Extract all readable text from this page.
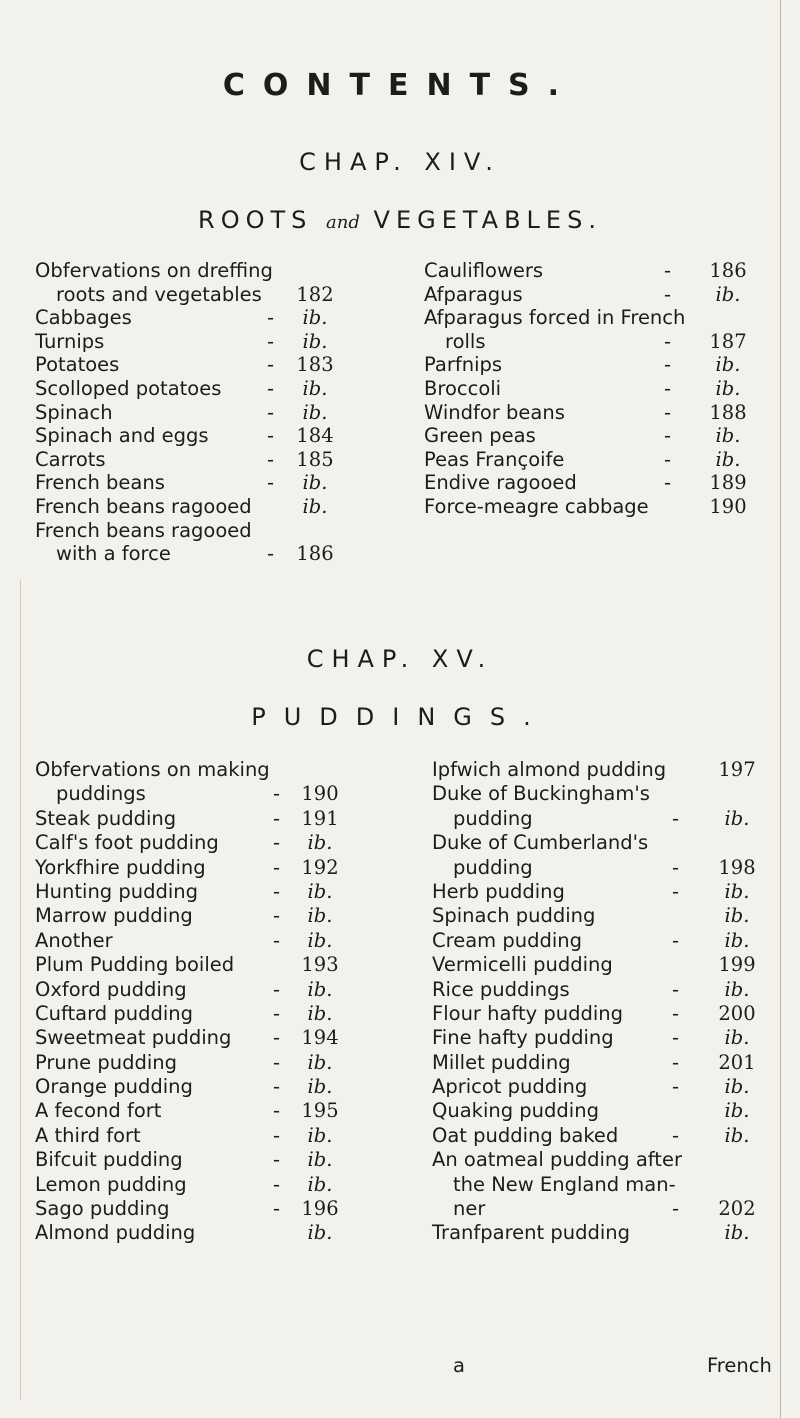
CONTENTS.
CHAP. XIV.
ROOTS and VEGETABLES.
Obfervations on dreffing
roots and vegetables 182
Cabbages	-	ib.
Turnips	-	ib.
Potatoes	- 183
Scolloped potatoes -	ib.
Spinach	-	ib.
Spinach and eggs	- 184
Carrots	- 185
French beans	-	ib.
French beans ragooed	ib.
French beans ragooed
with a force	- 186
Cauliflowers	- 186
Afparagus	-	ib.
Afparagus forced in French
rolls	- 187
Parfnips	-	ib.
Broccoli	-	ib.
Windfor beans	- 188
Green peas	-	ib.
Peas Françoife	-	ib.
Endive ragooed	- 189
Force-meagre cabbage	190
CHAP. XV.
PUDDINGS.
Obfervations on making
puddings	- 190
Steak pudding	- 191
Calf's foot pudding	-	ib.
Yorkfhire pudding	- 192
Hunting pudding	-	ib.
Marrow pudding	-	ib.
Another	-	ib.
Plum Pudding boiled	193
Oxford pudding	-	ib.
Cuftard pudding	-	ib.
Sweetmeat pudding - 194
Prune pudding	-	ib.
Orange pudding	-	ib.
A fecond fort	- 195
A third fort	-	ib.
Bifcuit pudding	-	ib.
Lemon pudding	-	ib.
Sago pudding	- 196
Almond pudding	ib.
Ipfwich almond pudding	197
Duke of Buckingham's
pudding	-	ib.
Duke of Cumberland's
pudding	- 198
Herb pudding	-	ib.
Spinach pudding	ib.
Cream pudding	-	ib.
Vermicelli pudding	199
Rice puddings	-	ib.
Flour hafty pudding	- 200
Fine hafty pudding	-	ib.
Millet pudding	- 201
Apricot pudding	-	ib.
Quaking pudding	ib.
Oat pudding baked	-	ib.
An oatmeal pudding after
the New England man-
ner	- 202
Tranfparent pudding	ib.
a	French
